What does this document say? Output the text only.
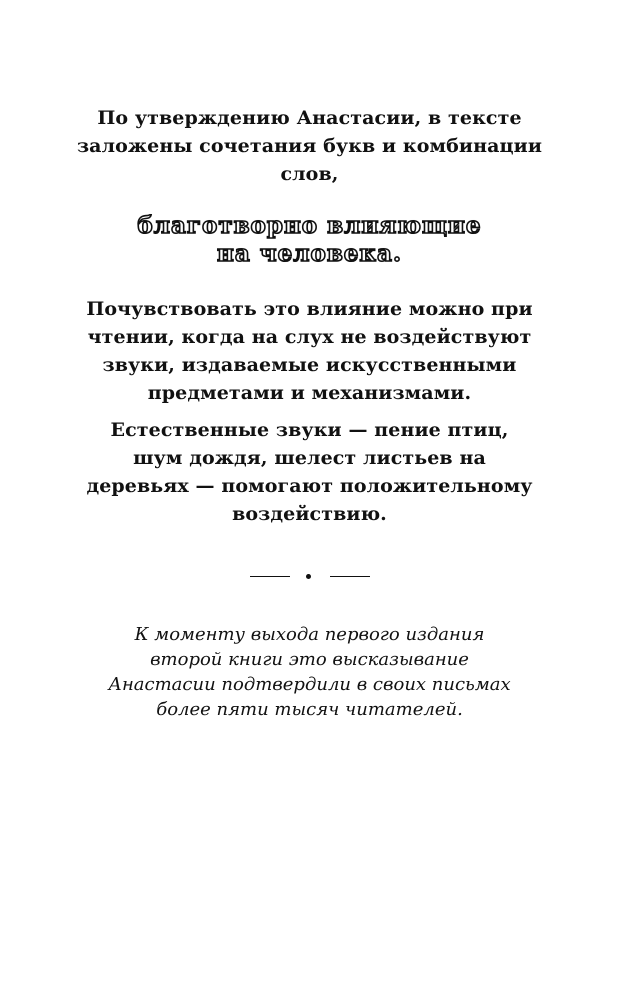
По утверждению Анастасии, в тексте
заложены сочетания букв и комбинации
слов,
благотворно влияющие
на человека.
Почувствовать это влияние можно при
чтении, когда на слух не воздействуют
звуки, издаваемые искусственными
предметами и механизмами.
Естественные звуки — пение птиц,
шум дождя, шелест листьев на
деревьях — помогают положительному
воздействию.
К моменту выхода первого издания
второй книги это высказывание
Анастасии подтвердили в своих письмах
более пяти тысяч читателей.
